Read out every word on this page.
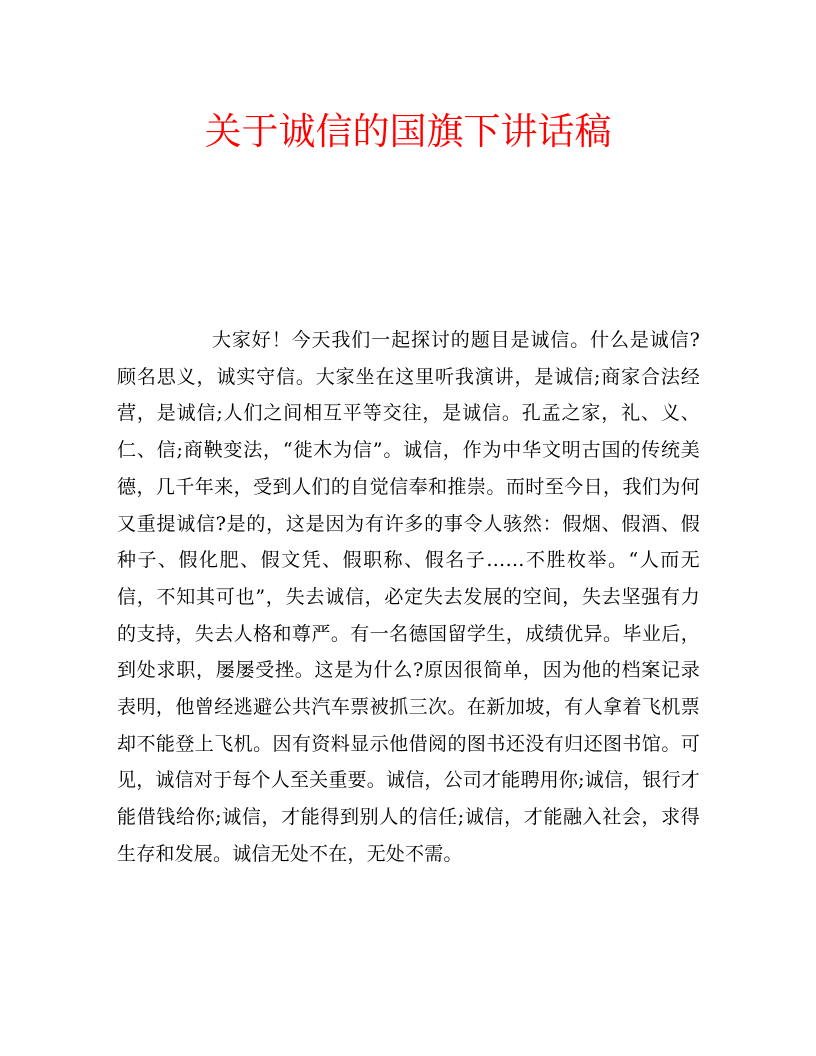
关于诚信的国旗下讲话稿

大家好！今天我们一起探讨的题目是诚信。什么是诚信?顾名思义，诚实守信。大家坐在这里听我演讲，是诚信;商家合法经营，是诚信;人们之间相互平等交往，是诚信。孔孟之家，礼、义、仁、信;商鞅变法，“徙木为信”。诚信，作为中华文明古国的传统美德，几千年来，受到人们的自觉信奉和推崇。而时至今日，我们为何又重提诚信?是的，这是因为有许多的事令人骇然：假烟、假酒、假种子、假化肥、假文凭、假职称、假名子……不胜枚举。“人而无信，不知其可也”，失去诚信，必定失去发展的空间，失去坚强有力的支持，失去人格和尊严。有一名德国留学生，成绩优异。毕业后，到处求职，屡屡受挫。这是为什么?原因很简单，因为他的档案记录表明，他曾经逃避公共汽车票被抓三次。在新加坡，有人拿着飞机票却不能登上飞机。因有资料显示他借阅的图书还没有归还图书馆。可见，诚信对于每个人至关重要。诚信，公司才能聘用你;诚信，银行才能借钱给你;诚信，才能得到别人的信任;诚信，才能融入社会，求得生存和发展。诚信无处不在，无处不需。
